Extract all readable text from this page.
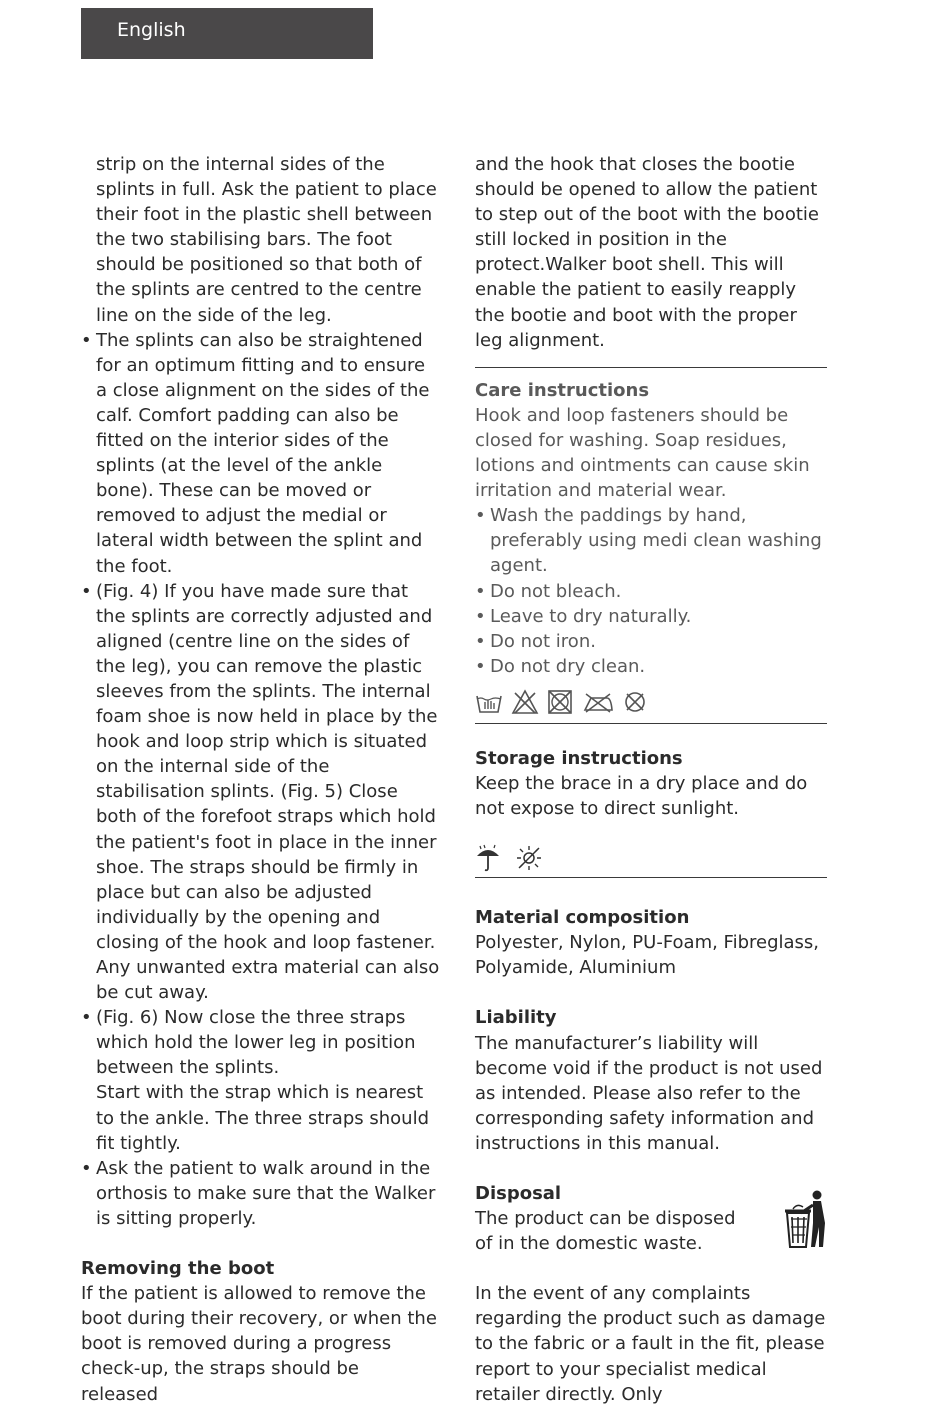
English

strip on the internal sides of the splints in full. Ask the patient to place their foot in the plastic shell between the two stabilising bars. The foot should be positioned so that both of the splints are centred to the centre line on the side of the leg.

• The splints can also be straightened for an optimum fitting and to ensure a close alignment on the sides of the calf. Comfort padding can also be fitted on the interior sides of the splints (at the level of the ankle bone). These can be moved or removed to adjust the medial or lateral width between the splint and the foot.
• (Fig. 4) If you have made sure that the splints are correctly adjusted and aligned (centre line on the sides of the leg), you can remove the plastic sleeves from the splints. The internal foam shoe is now held in place by the hook and loop strip which is situated on the internal side of the stabilisation splints. (Fig. 5) Close both of the forefoot straps which hold the patient's foot in place in the inner shoe. The straps should be firmly in place but can also be adjusted individually by the opening and closing of the hook and loop fastener.
Any unwanted extra material can also be cut away.
• (Fig. 6) Now close the three straps which hold the lower leg in position between the splints.
Start with the strap which is nearest to the ankle. The three straps should fit tightly.
• Ask the patient to walk around in the orthosis to make sure that the Walker is sitting properly.
Removing the boot

If the patient is allowed to remove the boot during their recovery, or when the boot is removed during a progress check-up, the straps should be released

and the hook that closes the bootie should be opened to allow the patient to step out of the boot with the bootie still locked in position in the protect.Walker boot shell. This will enable the patient to easily reapply the bootie and boot with the proper leg alignment.

Care instructions

Hook and loop fasteners should be closed for washing. Soap residues, lotions and ointments can cause skin irritation and material wear.

• Wash the paddings by hand, preferably using medi clean washing agent.
• Do not bleach.
• Leave to dry naturally.
• Do not iron.
• Do not dry clean.
Storage instructions

Keep the brace in a dry place and do not expose to direct sunlight.

Material composition

Polyester, Nylon, PU-Foam, Fibreglass, Polyamide, Aluminium

Liability

The manufacturer’s liability will become void if the product is not used as intended. Please also refer to the corresponding safety information and instructions in this manual.

Disposal

The product can be disposed of in the domestic waste.

In the event of any complaints regarding the product such as damage to the fabric or a fault in the fit, please report to your specialist medical retailer directly. Only
